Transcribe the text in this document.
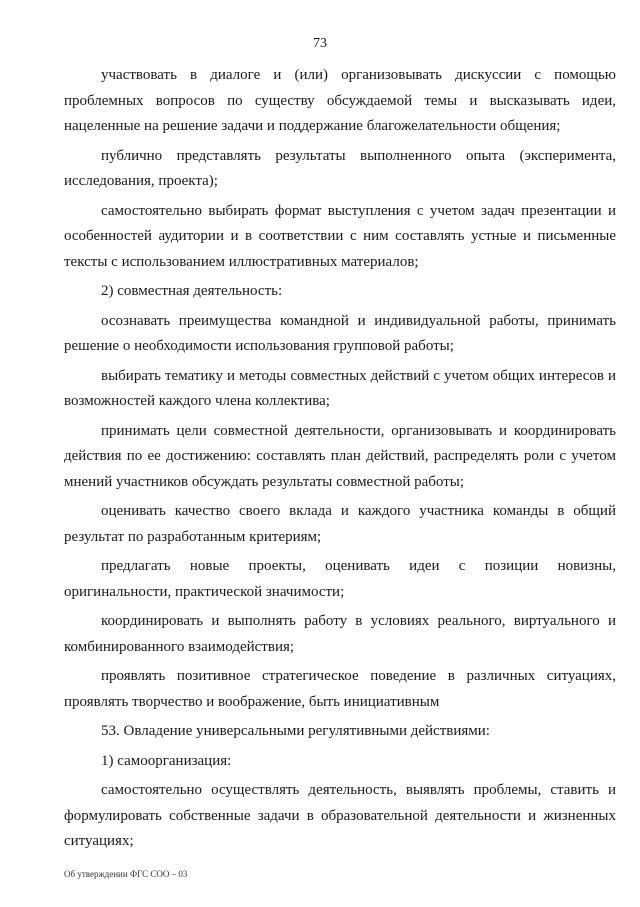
73

участвовать в диалоге и (или) организовывать дискуссии с помощью проблемных вопросов по существу обсуждаемой темы и высказывать идеи, нацеленные на решение задачи и поддержание благожелательности общения;

публично представлять результаты выполненного опыта (эксперимента, исследования, проекта);

самостоятельно выбирать формат выступления с учетом задач презентации и особенностей аудитории и в соответствии с ним составлять устные и письменные тексты с использованием иллюстративных материалов;

2) совместная деятельность:

осознавать преимущества командной и индивидуальной работы, принимать решение о необходимости использования групповой работы;

выбирать тематику и методы совместных действий с учетом общих интересов и возможностей каждого члена коллектива;

принимать цели совместной деятельности, организовывать и координировать действия по ее достижению: составлять план действий, распределять роли с учетом мнений участников обсуждать результаты совместной работы;

оценивать качество своего вклада и каждого участника команды в общий результат по разработанным критериям;

предлагать новые проекты, оценивать идеи с позиции новизны, оригинальности, практической значимости;

координировать и выполнять работу в условиях реального, виртуального и комбинированного взаимодействия;

проявлять позитивное стратегическое поведение в различных ситуациях, проявлять творчество и воображение, быть инициативным

53. Овладение универсальными регулятивными действиями:

1) самоорганизация:

самостоятельно осуществлять деятельность, выявлять проблемы, ставить и формулировать собственные задачи в образовательной деятельности и жизненных ситуациях;

Об утверждении ФГС СОО – 03
